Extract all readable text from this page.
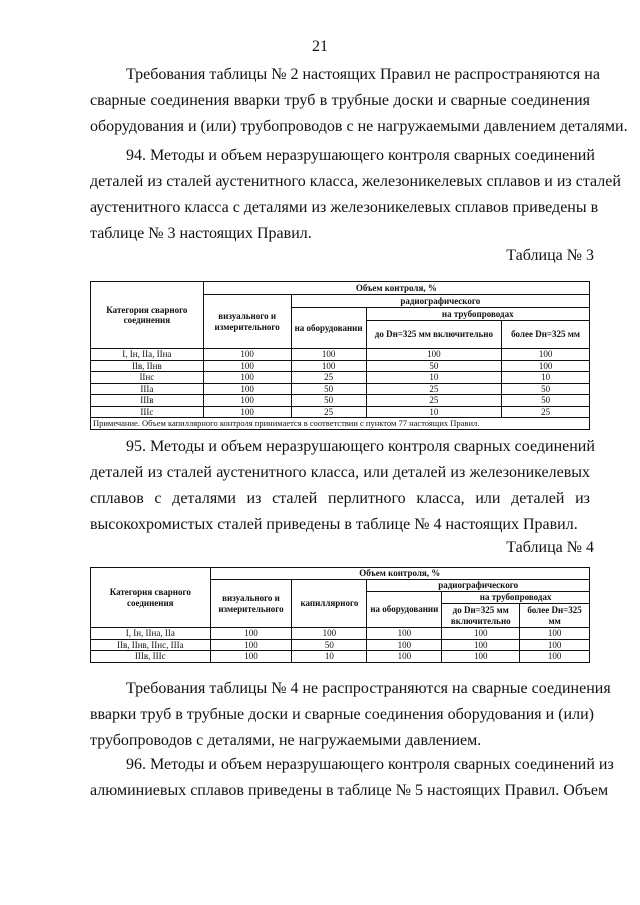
21
Требования таблицы № 2 настоящих Правил не распространяются на
сварные соединения вварки труб в трубные доски и сварные соединения
оборудования и (или) трубопроводов с не нагружаемыми давлением деталями.
94. Методы и объем неразрушающего контроля сварных соединений
деталей из сталей аустенитного класса, железоникелевых сплавов и из сталей
аустенитного класса с деталями из железоникелевых сплавов приведены в
таблице № 3 настоящих Правил.
Таблица № 3
Категория сварного соединения	Объем контроля, %			
	визуального и измерительного	радиографического		
		на оборудовании	на трубопроводах	
			до Dн=325 мм включительно	более Dн=325 мм
I, Iн, IIa, IIна	100	100	100	100
IIв, IIнв	100	100	50	100
IIнс	100	25	10	10
IIIa	100	50	25	50
IIIв	100	50	25	50
IIIс	100	25	10	25
Примечание. Объем капиллярного контроля принимается в соответствии с пунктом 77 настоящих Правил.				
95. Методы и объем неразрушающего контроля сварных соединений
деталей из сталей аустенитного класса, или деталей из железоникелевых
сплавов с деталями из сталей перлитного класса, или деталей из
высокохромистых сталей приведены в таблице № 4 настоящих Правил.
Таблица № 4
Категория сварного соединения	Объем контроля, %				
	визуального и измерительного	капиллярного	радиографического		
			на оборудовании	на трубопроводах	
				до Dн=325 мм включительно	более Dн=325 мм
I, Iн, IIна, IIa	100	100	100	100	100
IIв, IIнв, IIнс, IIIa	100	50	100	100	100
IIIв, IIIс	100	10	100	100	100
Требования таблицы № 4 не распространяются на сварные соединения
вварки труб в трубные доски и сварные соединения оборудования и (или)
трубопроводов с деталями, не нагружаемыми давлением.
96. Методы и объем неразрушающего контроля сварных соединений из
алюминиевых сплавов приведены в таблице № 5 настоящих Правил. Объем
